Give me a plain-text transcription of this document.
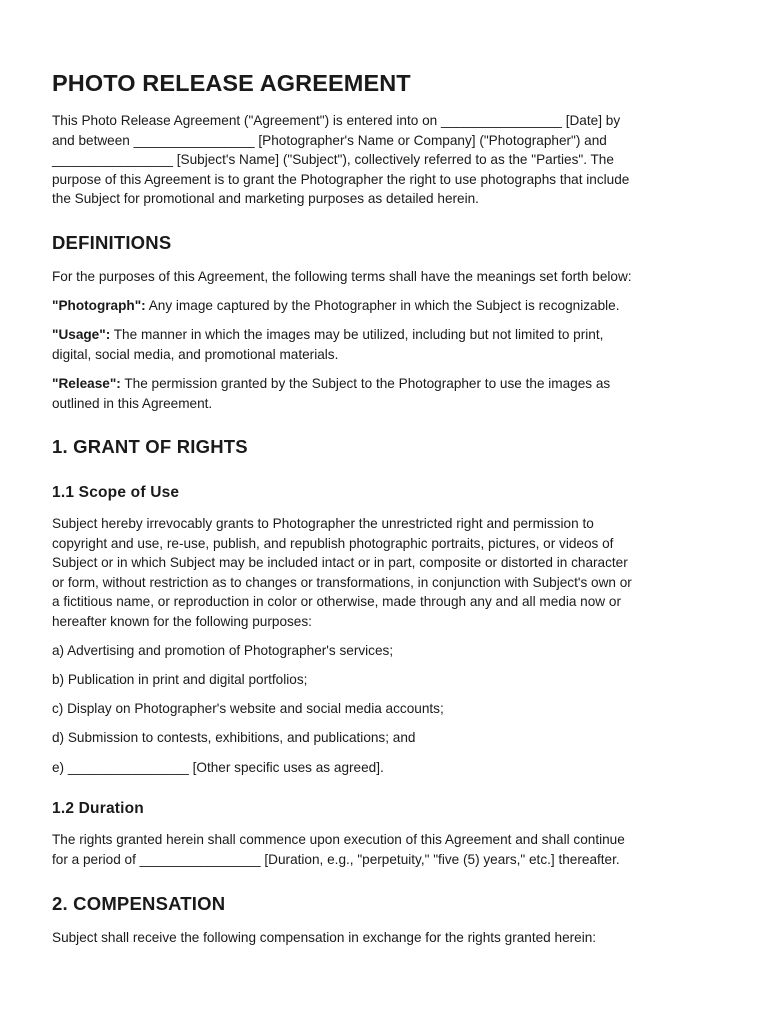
PHOTO RELEASE AGREEMENT
This Photo Release Agreement ("Agreement") is entered into on ________________ [Date] by
and between ________________ [Photographer's Name or Company] ("Photographer") and
________________ [Subject's Name] ("Subject"), collectively referred to as the "Parties". The
purpose of this Agreement is to grant the Photographer the right to use photographs that include
the Subject for promotional and marketing purposes as detailed herein.
DEFINITIONS
For the purposes of this Agreement, the following terms shall have the meanings set forth below:
"Photograph": Any image captured by the Photographer in which the Subject is recognizable.
"Usage": The manner in which the images may be utilized, including but not limited to print,
digital, social media, and promotional materials.
"Release": The permission granted by the Subject to the Photographer to use the images as
outlined in this Agreement.
1. GRANT OF RIGHTS
1.1 Scope of Use
Subject hereby irrevocably grants to Photographer the unrestricted right and permission to
copyright and use, re-use, publish, and republish photographic portraits, pictures, or videos of
Subject or in which Subject may be included intact or in part, composite or distorted in character
or form, without restriction as to changes or transformations, in conjunction with Subject's own or
a fictitious name, or reproduction in color or otherwise, made through any and all media now or
hereafter known for the following purposes:
a) Advertising and promotion of Photographer's services;
b) Publication in print and digital portfolios;
c) Display on Photographer's website and social media accounts;
d) Submission to contests, exhibitions, and publications; and
e) ________________ [Other specific uses as agreed].
1.2 Duration
The rights granted herein shall commence upon execution of this Agreement and shall continue
for a period of ________________ [Duration, e.g., "perpetuity," "five (5) years," etc.] thereafter.
2. COMPENSATION
Subject shall receive the following compensation in exchange for the rights granted herein:
